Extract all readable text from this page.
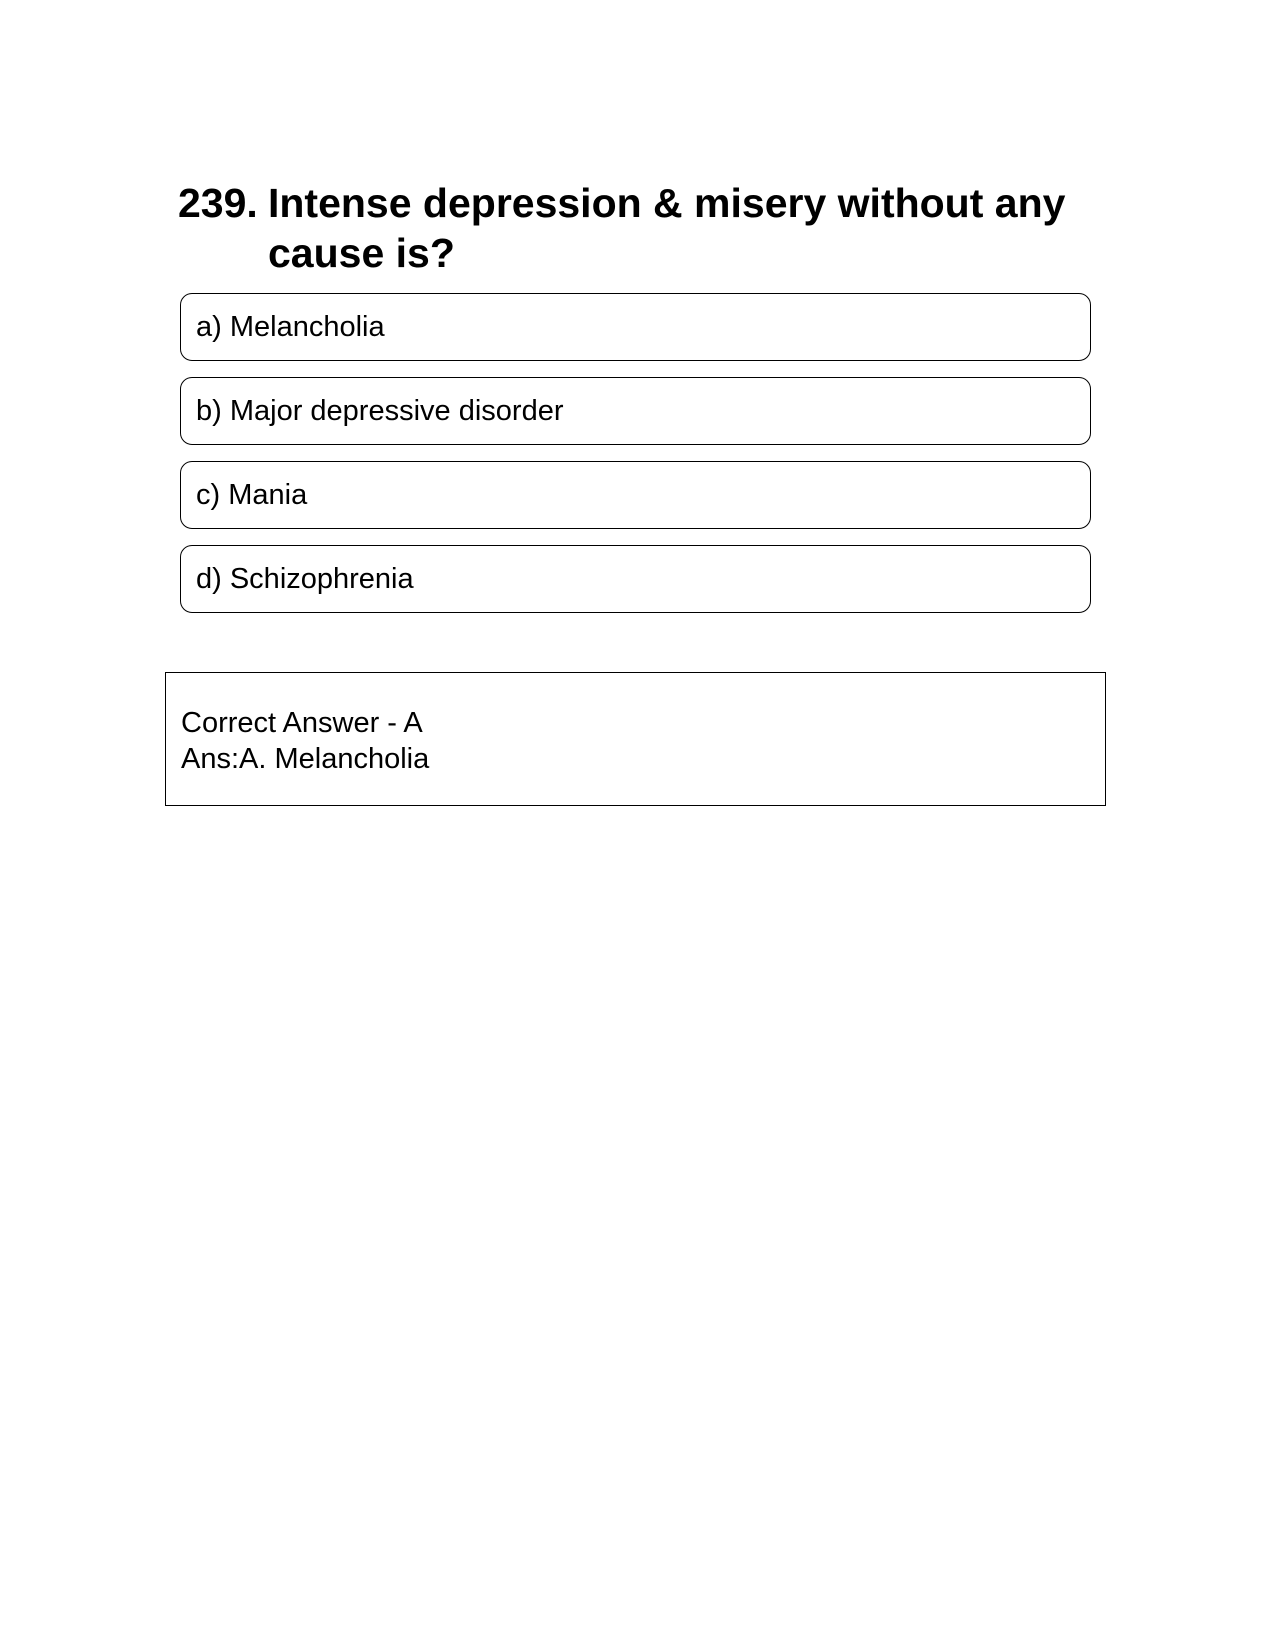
239. Intense depression & misery without any cause is?
a) Melancholia
b) Major depressive disorder
c) Mania
d) Schizophrenia
Correct Answer - A
Ans:A. Melancholia
